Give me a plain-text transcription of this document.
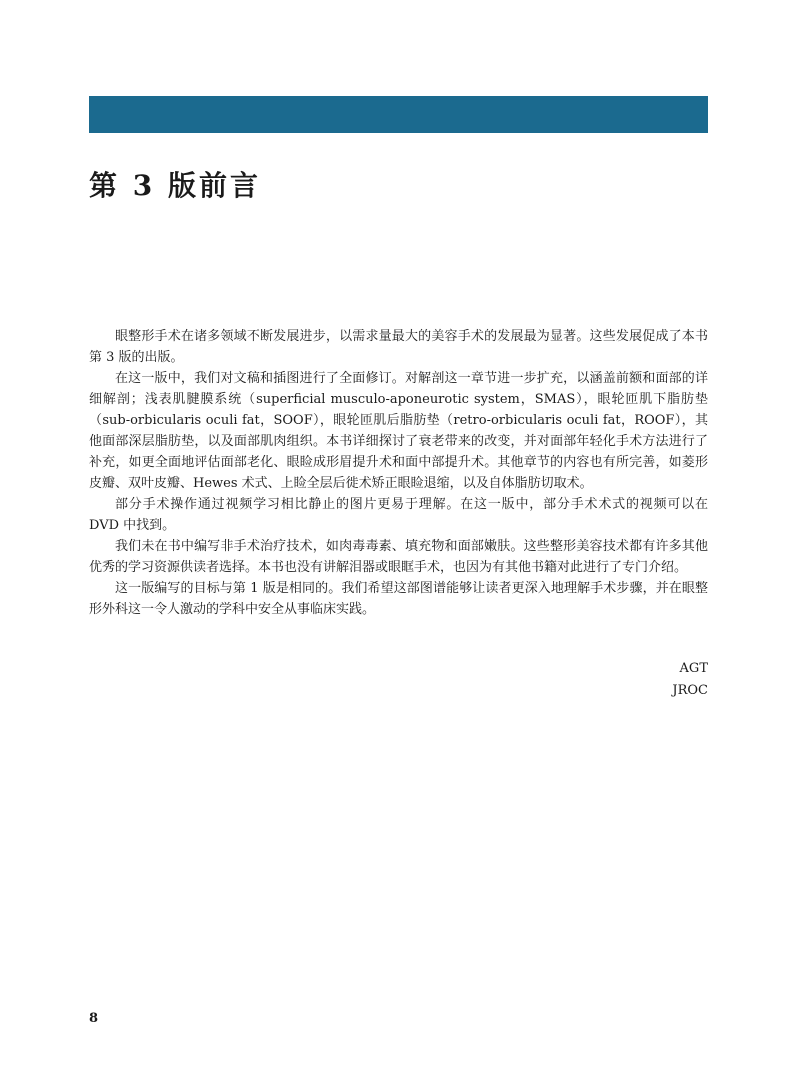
第 3 版前言

眼整形手术在诸多领域不断发展进步，以需求量最大的美容手术的发展最为显著。这些发展促成了本书第 3 版的出版。

在这一版中，我们对文稿和插图进行了全面修订。对解剖这一章节进一步扩充，以涵盖前额和面部的详细解剖；浅表肌腱膜系统（superficial musculo-aponeurotic system，SMAS），眼轮匝肌下脂肪垫（sub-orbicularis oculi fat，SOOF），眼轮匝肌后脂肪垫（retro-orbicularis oculi fat，ROOF），其他面部深层脂肪垫，以及面部肌肉组织。本书详细探讨了衰老带来的改变，并对面部年轻化手术方法进行了补充，如更全面地评估面部老化、眼睑成形眉提升术和面中部提升术。其他章节的内容也有所完善，如菱形皮瓣、双叶皮瓣、Hewes 术式、上睑全层后徙术矫正眼睑退缩，以及自体脂肪切取术。

部分手术操作通过视频学习相比静止的图片更易于理解。在这一版中，部分手术术式的视频可以在 DVD 中找到。

我们未在书中编写非手术治疗技术，如肉毒毒素、填充物和面部嫩肤。这些整形美容技术都有许多其他优秀的学习资源供读者选择。本书也没有讲解泪器或眼眶手术，也因为有其他书籍对此进行了专门介绍。

这一版编写的目标与第 1 版是相同的。我们希望这部图谱能够让读者更深入地理解手术步骤，并在眼整形外科这一令人激动的学科中安全从事临床实践。

AGT
JROC
8
